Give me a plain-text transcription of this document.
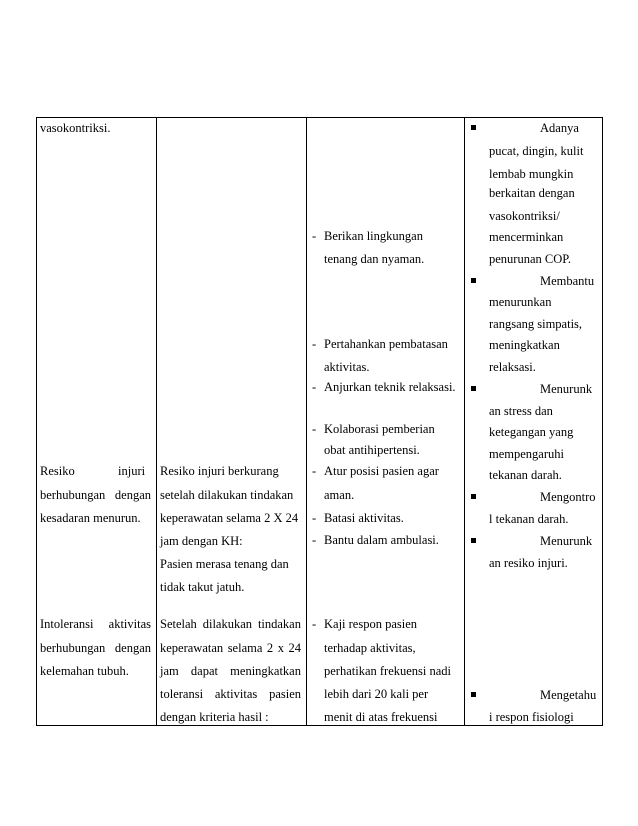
vasokontriksi.
Resiko	injuri
berhubungan dengan
kesadaran menurun.
Intoleransi aktivitas
berhubungan dengan
kelemahan tubuh.
Resiko injuri berkurang
setelah dilakukan tindakan
keperawatan selama 2 X 24
jam dengan KH:
Pasien merasa tenang dan
tidak takut jatuh.
Setelah dilakukan tindakan
keperawatan selama 2 x 24
jam dapat meningkatkan
toleransi aktivitas pasien
dengan kriteria hasil :
- Berikan lingkungan
tenang dan nyaman.
- Pertahankan pembatasan
aktivitas.
- Anjurkan teknik relaksasi.
- Kolaborasi pemberian
obat antihipertensi.
- Atur posisi pasien agar
aman.
- Batasi aktivitas.
- Bantu dalam ambulasi.
- Kaji respon pasien
terhadap aktivitas,
perhatikan frekuensi nadi
lebih dari 20 kali per
menit di atas frekuensi
Adanya
pucat, dingin, kulit
lembab mungkin
berkaitan dengan
vasokontriksi/
mencerminkan
penurunan COP.
Membantu
menurunkan
rangsang simpatis,
meningkatkan
relaksasi.
Menurunk
an stress dan
ketegangan yang
mempengaruhi
tekanan darah.
Mengontro
l tekanan darah.
Menurunk
an resiko injuri.
Mengetahu
i respon fisiologi
